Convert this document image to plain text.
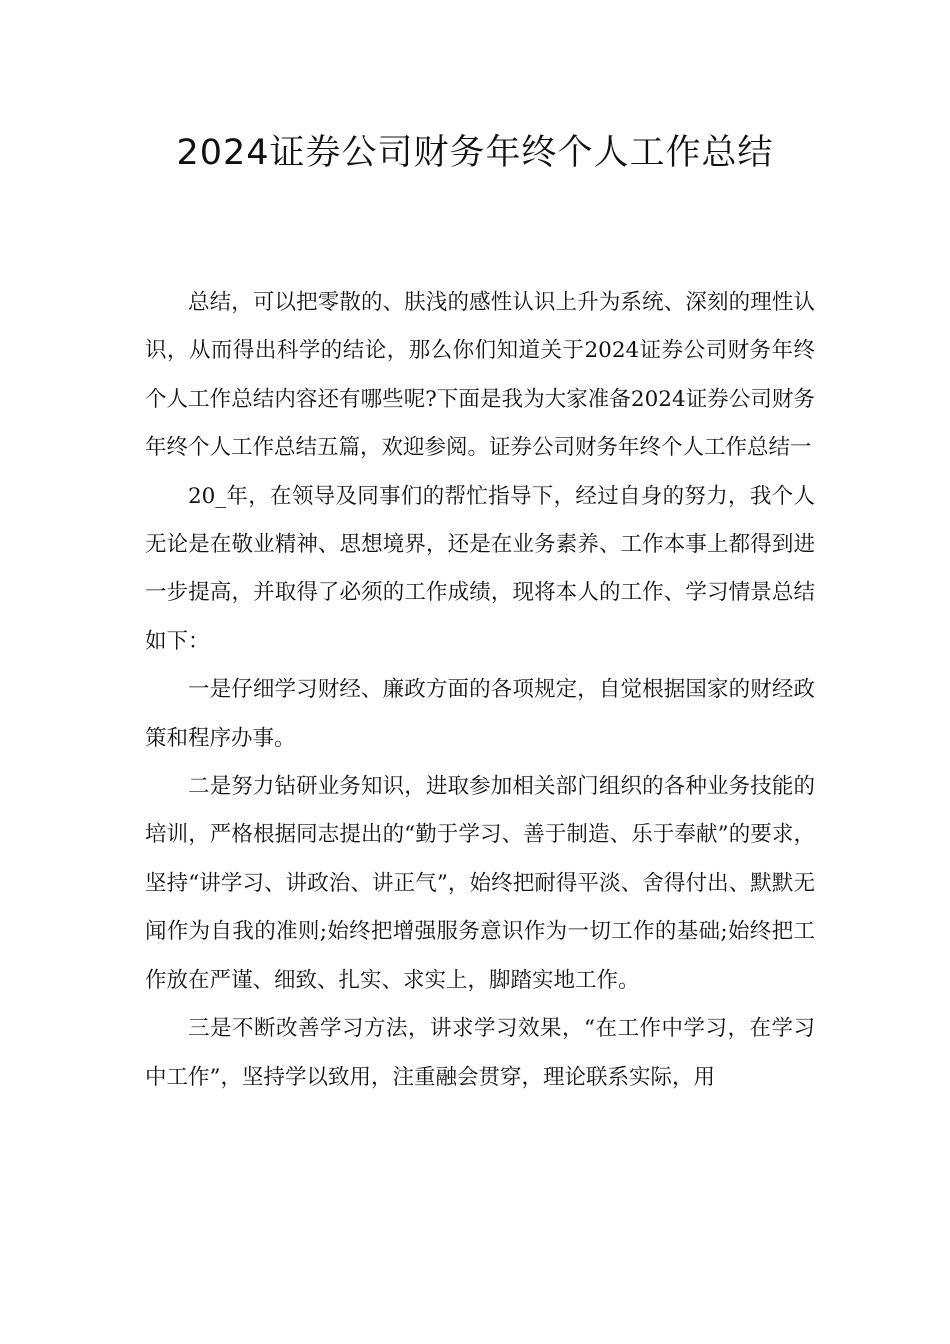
2024证券公司财务年终个人工作总结

总结，可以把零散的、肤浅的感性认识上升为系统、深刻的理性认识，从而得出科学的结论，那么你们知道关于2024证券公司财务年终个人工作总结内容还有哪些呢?下面是我为大家准备2024证券公司财务年终个人工作总结五篇，欢迎参阅。证券公司财务年终个人工作总结一

20_年，在领导及同事们的帮忙指导下，经过自身的努力，我个人无论是在敬业精神、思想境界，还是在业务素养、工作本事上都得到进一步提高，并取得了必须的工作成绩，现将本人的工作、学习情景总结如下：

一是仔细学习财经、廉政方面的各项规定，自觉根据国家的财经政策和程序办事。

二是努力钻研业务知识，进取参加相关部门组织的各种业务技能的培训，严格根据同志提出的“勤于学习、善于制造、乐于奉献”的要求，坚持“讲学习、讲政治、讲正气”，始终把耐得平淡、舍得付出、默默无闻作为自我的准则;始终把增强服务意识作为一切工作的基础;始终把工作放在严谨、细致、扎实、求实上，脚踏实地工作。

三是不断改善学习方法，讲求学习效果，“在工作中学习，在学习中工作”，坚持学以致用，注重融会贯穿，理论联系实际，用
